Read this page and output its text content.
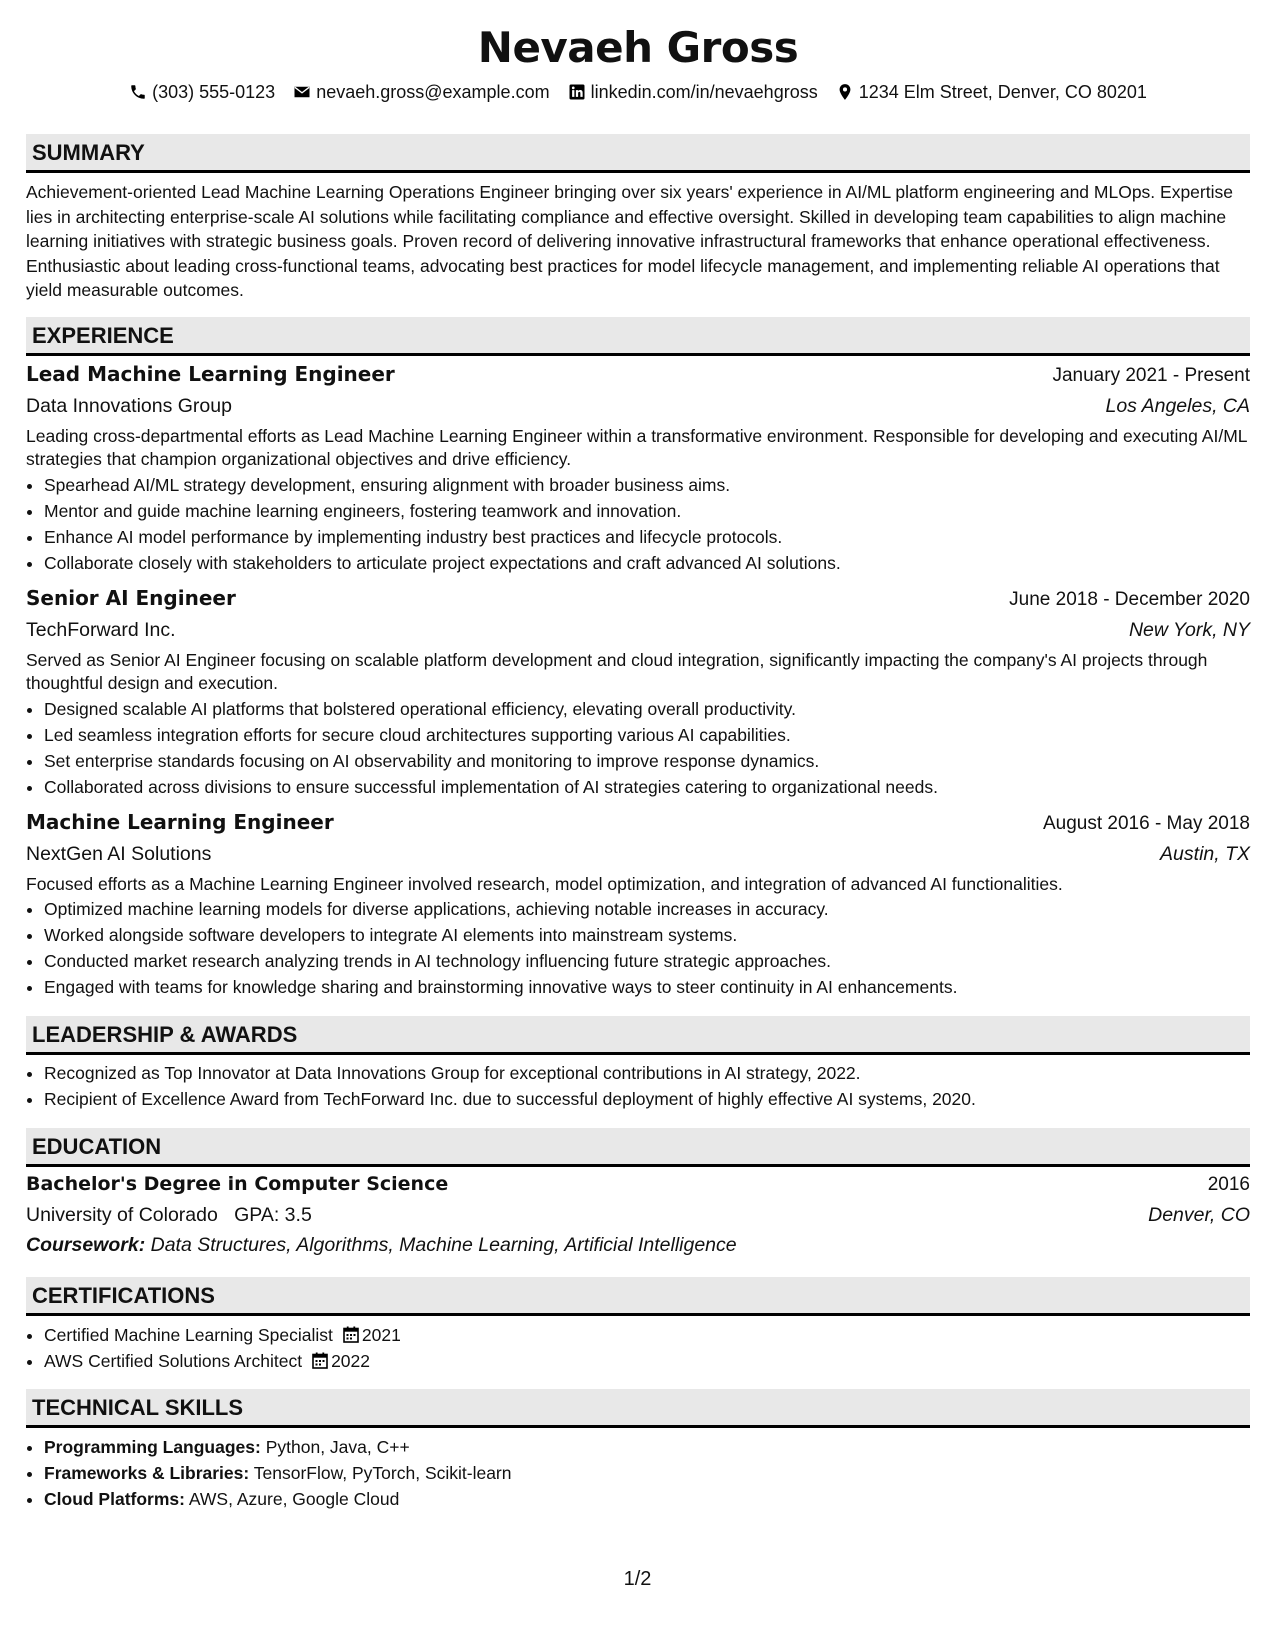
Nevaeh Gross
(303) 555-0123 nevaeh.gross@example.com linkedin.com/in/nevaehgross 1234 Elm Street, Denver, CO 80201
SUMMARY

Achievement-oriented Lead Machine Learning Operations Engineer bringing over six years' experience in AI/ML platform engineering and MLOps. Expertise lies in architecting enterprise-scale AI solutions while facilitating compliance and effective oversight. Skilled in developing team capabilities to align machine learning initiatives with strategic business goals. Proven record of delivering innovative infrastructural frameworks that enhance operational effectiveness. Enthusiastic about leading cross-functional teams, advocating best practices for model lifecycle management, and implementing reliable AI operations that yield measurable outcomes.

EXPERIENCE
Lead Machine Learning Engineer	January 2021 - Present
Data Innovations Group	Los Angeles, CA
Leading cross-departmental efforts as Lead Machine Learning Engineer within a transformative environment. Responsible for developing and executing AI/ML strategies that champion organizational objectives and drive efficiency.
• Spearhead AI/ML strategy development, ensuring alignment with broader business aims.
• Mentor and guide machine learning engineers, fostering teamwork and innovation.
• Enhance AI model performance by implementing industry best practices and lifecycle protocols.
• Collaborate closely with stakeholders to articulate project expectations and craft advanced AI solutions.
Senior AI Engineer	June 2018 - December 2020
TechForward Inc.	New York, NY
Served as Senior AI Engineer focusing on scalable platform development and cloud integration, significantly impacting the company's AI projects through thoughtful design and execution.
• Designed scalable AI platforms that bolstered operational efficiency, elevating overall productivity.
• Led seamless integration efforts for secure cloud architectures supporting various AI capabilities.
• Set enterprise standards focusing on AI observability and monitoring to improve response dynamics.
• Collaborated across divisions to ensure successful implementation of AI strategies catering to organizational needs.
Machine Learning Engineer	August 2016 - May 2018
NextGen AI Solutions	Austin, TX
Focused efforts as a Machine Learning Engineer involved research, model optimization, and integration of advanced AI functionalities.
• Optimized machine learning models for diverse applications, achieving notable increases in accuracy.
• Worked alongside software developers to integrate AI elements into mainstream systems.
• Conducted market research analyzing trends in AI technology influencing future strategic approaches.
• Engaged with teams for knowledge sharing and brainstorming innovative ways to steer continuity in AI enhancements.
LEADERSHIP & AWARDS
• Recognized as Top Innovator at Data Innovations Group for exceptional contributions in AI strategy, 2022.
• Recipient of Excellence Award from TechForward Inc. due to successful deployment of highly effective AI systems, 2020.
EDUCATION
Bachelor's Degree in Computer Science	2016
University of Colorado GPA: 3.5	Denver, CO
Coursework: Data Structures, Algorithms, Machine Learning, Artificial Intelligence
CERTIFICATIONS
• Certified Machine Learning Specialist 2021
• AWS Certified Solutions Architect 2022
TECHNICAL SKILLS
• Programming Languages: Python, Java, C++
• Frameworks & Libraries: TensorFlow, PyTorch, Scikit-learn
• Cloud Platforms: AWS, Azure, Google Cloud
1/2
